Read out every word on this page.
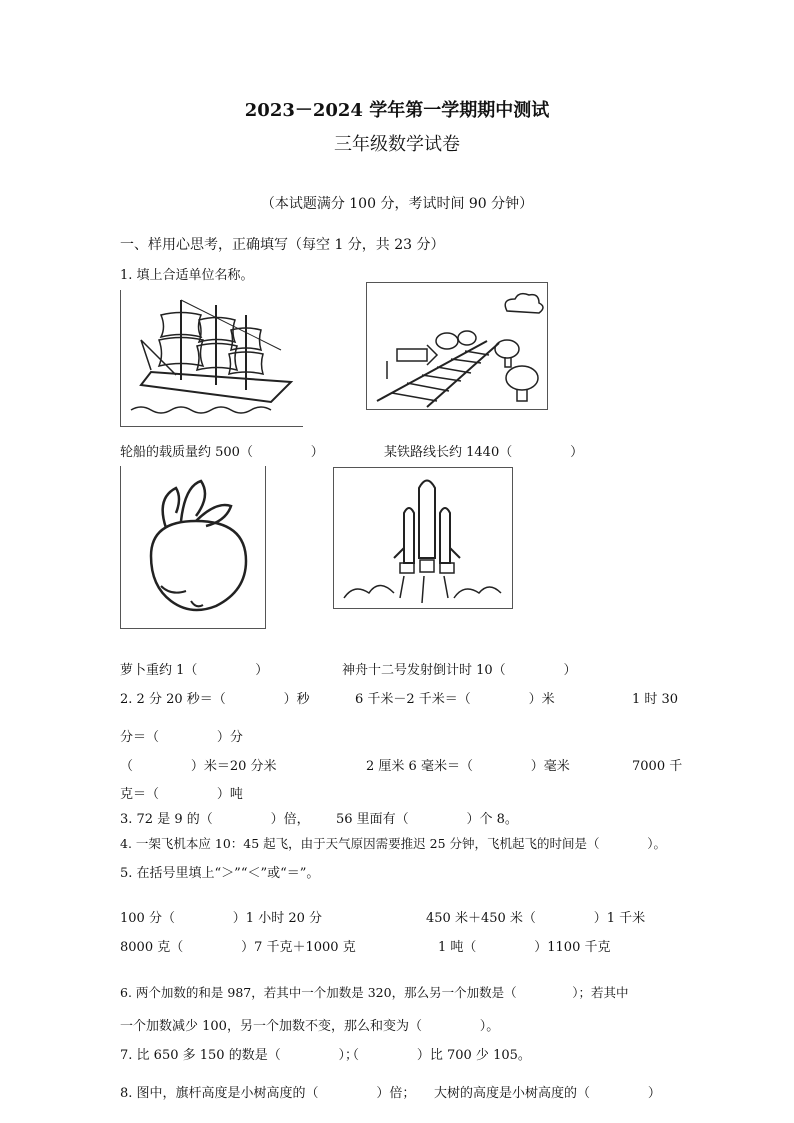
2023－2024 学年第一学期期中测试
三年级数学试卷
（本试题满分 100 分，考试时间 90 分钟）
一、样用心思考，正确填写（每空 1 分，共 23 分）
1. 填上合适单位名称。
轮船的载质量约 500（              ）	某铁路线长约 1440（              ）
萝卜重约 1（              ）	神舟十二号发射倒计时 10（              ）
2. 2 分 20 秒＝（              ）秒	6 千米－2 千米＝（              ）米	1 时 30
分＝（              ）分
（              ）米＝20 分米	2 厘米 6 毫米＝（              ）毫米	7000 千
克＝（              ）吨
3. 72 是 9 的（              ）倍， 56 里面有（              ）个 8。
4. 一架飞机本应 10：45 起飞，由于天气原因需要推迟 25 分钟，飞机起飞的时间是（            ）。
5. 在括号里填上“＞”“＜”或“＝”。
100 分（              ）1 小时 20 分	450 米＋450 米（              ）1 千米
8000 克（              ）7 千克＋1000 克	1 吨（              ）1100 千克
6. 两个加数的和是 987，若其中一个加数是 320，那么另一个加数是（              ）；若其中
一个加数减少 100，另一个加数不变，那么和变为（              ）。
7. 比 650 多 150 的数是（              ）；
（              ）比 700 少 105。
8. 图中，旗杆高度是小树高度的（              ）倍； 大树的高度是小树高度的（              ）
